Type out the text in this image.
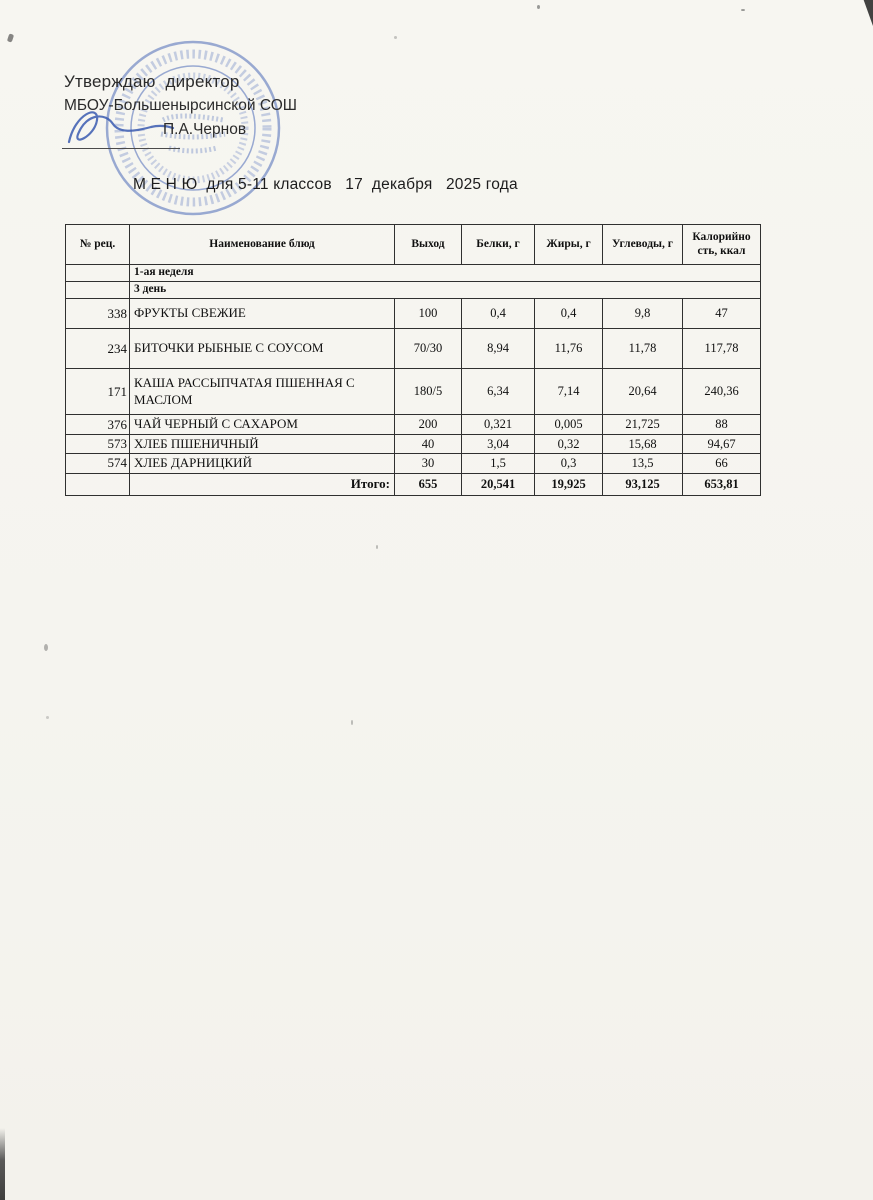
Утверждаю  директор
МБОУ-Большенырсинской СОШ
П.А.Чернов
М Е Н Ю  для 5-11 классов   17  декабря   2025 года
№ рец.	Наименование блюд	Выход	Белки, г	Жиры, г	Углеводы, г	Калорийно сть, ккал
	1-ая неделя					
	3 день					
338	ФРУКТЫ СВЕЖИЕ	100	0,4	0,4	9,8	47
234	БИТОЧКИ РЫБНЫЕ С СОУСОМ	70/30	8,94	11,76	11,78	117,78
171	КАША РАССЫПЧАТАЯ ПШЕННАЯ С МАСЛОМ	180/5	6,34	7,14	20,64	240,36
376	ЧАЙ ЧЕРНЫЙ С САХАРОМ	200	0,321	0,005	21,725	88
573	ХЛЕБ ПШЕНИЧНЫЙ	40	3,04	0,32	15,68	94,67
574	ХЛЕБ ДАРНИЦКИЙ	30	1,5	0,3	13,5	66
	Итого:	655	20,541	19,925	93,125	653,81
